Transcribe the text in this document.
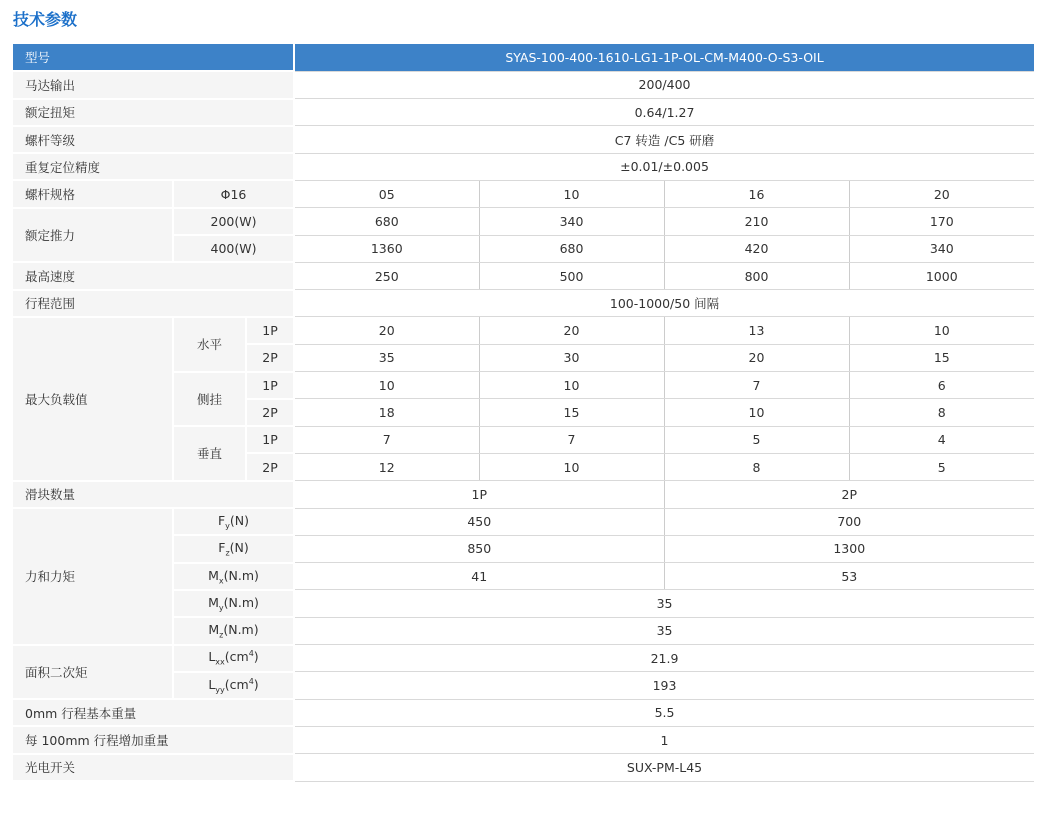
技术参数
型号			SYAS-100-400-1610-LG1-1P-OL-CM-M400-O-S3-OIL			
马达输出			200/400			
额定扭矩			0.64/1.27			
螺杆等级			C7 转造 /C5 研磨			
重复定位精度			±0.01/±0.005			
螺杆规格	Φ16		05	10	16	20
额定推力	200(W)		680	340	210	170
	400(W)		1360	680	420	340
最高速度			250	500	800	1000
行程范围			100-1000/50 间隔			
最大负载值	水平	1P	20	20	13	10
		2P	35	30	20	15
	侧挂	1P	10	10	7	6
		2P	18	15	10	8
	垂直	1P	7	7	5	4
		2P	12	10	8	5
滑块数量			1P		2P	
力和力矩	$F_y(N)$		450		700	
	$F_z(N)$		850		1300	
	$M_x(N.m)$		41		53	
	$M_y(N.m)$		35			
	$M_z(N.m)$		35			
面积二次矩	$L_{xx}(cm^4)$		21.9			
	$L_{yy}(cm^4)$		193			
0mm 行程基本重量			5.5			
每 100mm 行程增加重量			1			
光电开关			SUX-PM-L45			
